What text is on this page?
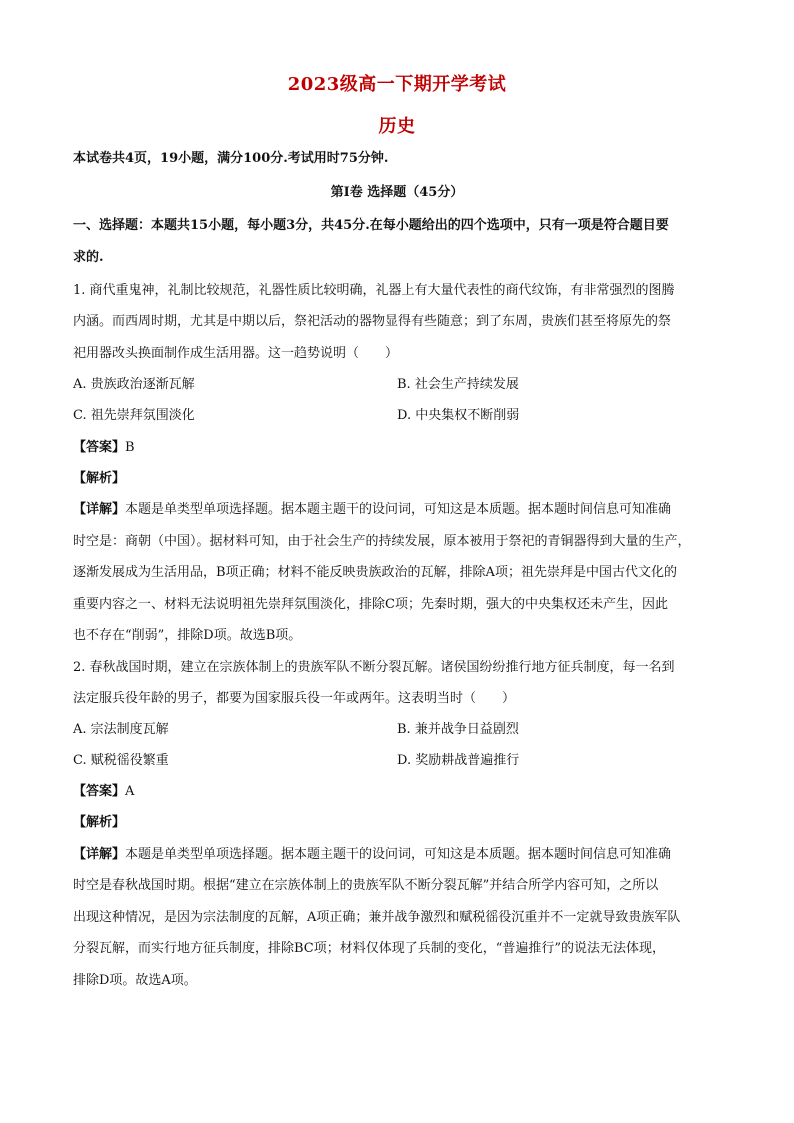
2023级高一下期开学考试
历史
本试卷共4页，19小题，满分100分.考试用时75分钟.
第Ⅰ卷 选择题（45分）
一、选择题：本题共15小题，每小题3分，共45分.在每小题给出的四个选项中，只有一项是符合题目要
求的.
1. 商代重鬼神，礼制比较规范，礼器性质比较明确，礼器上有大量代表性的商代纹饰，有非常强烈的图腾
内涵。而西周时期，尤其是中期以后，祭祀活动的器物显得有些随意；到了东周，贵族们甚至将原先的祭
祀用器改头换面制作成生活用器。这一趋势说明（　　）
A. 贵族政治逐渐瓦解	B. 社会生产持续发展
C. 祖先崇拜氛围淡化	D. 中央集权不断削弱
【答案】B
【解析】
【详解】本题是单类型单项选择题。据本题主题干的设问词，可知这是本质题。据本题时间信息可知准确
时空是：商朝（中国）。据材料可知，由于社会生产的持续发展，原本被用于祭祀的青铜器得到大量的生产，
逐渐发展成为生活用品，B项正确；材料不能反映贵族政治的瓦解，排除A项；祖先崇拜是中国古代文化的
重要内容之一、材料无法说明祖先崇拜氛围淡化，排除C项；先秦时期，强大的中央集权还未产生，因此
也不存在“削弱”，排除D项。故选B项。
2. 春秋战国时期，建立在宗族体制上的贵族军队不断分裂瓦解。诸侯国纷纷推行地方征兵制度，每一名到
法定服兵役年龄的男子，都要为国家服兵役一年或两年。这表明当时（　　）
A. 宗法制度瓦解	B. 兼并战争日益剧烈
C. 赋税徭役繁重	D. 奖励耕战普遍推行
【答案】A
【解析】
【详解】本题是单类型单项选择题。据本题主题干的设问词，可知这是本质题。据本题时间信息可知准确
时空是春秋战国时期。根据“建立在宗族体制上的贵族军队不断分裂瓦解”并结合所学内容可知，之所以
出现这种情况，是因为宗法制度的瓦解，A项正确；兼并战争激烈和赋税徭役沉重并不一定就导致贵族军队
分裂瓦解，而实行地方征兵制度，排除BC项；材料仅体现了兵制的变化，“普遍推行”的说法无法体现，
排除D项。故选A项。
